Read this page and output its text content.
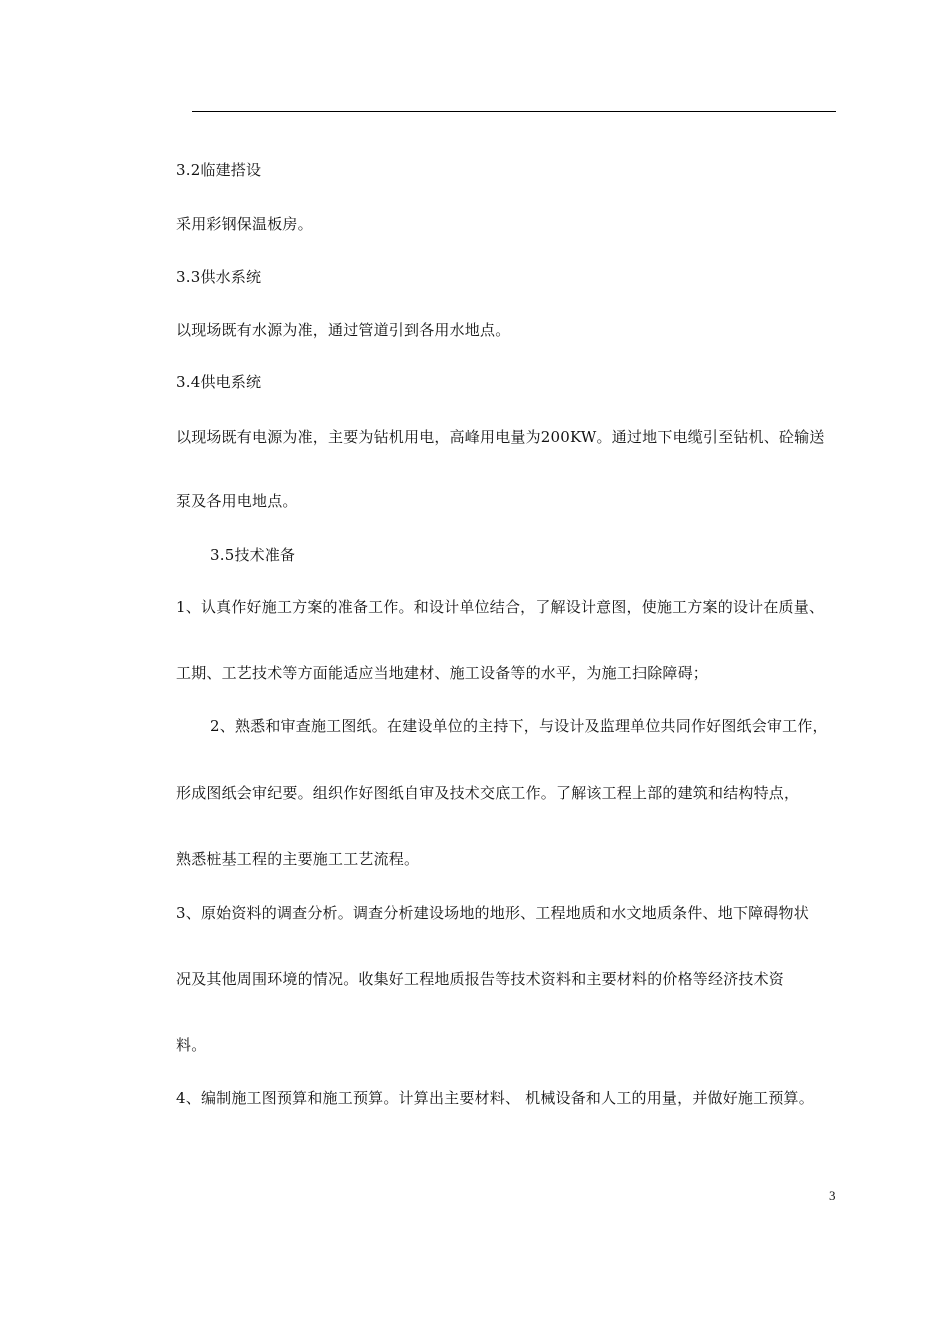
3.2临建搭设
采用彩钢保温板房。
3.3供水系统
以现场既有水源为准，通过管道引到各用水地点。
3.4供电系统
以现场既有电源为准，主要为钻机用电，高峰用电量为200KW。通过地下电缆引至钻机、砼输送
泵及各用电地点。
3.5技术准备
1、认真作好施工方案的准备工作。和设计单位结合，了解设计意图，使施工方案的设计在质量、
工期、工艺技术等方面能适应当地建材、施工设备等的水平，为施工扫除障碍；
2、熟悉和审查施工图纸。在建设单位的主持下，与设计及监理单位共同作好图纸会审工作，
形成图纸会审纪要。组织作好图纸自审及技术交底工作。了解该工程上部的建筑和结构特点，
熟悉桩基工程的主要施工工艺流程。
3、原始资料的调查分析。调查分析建设场地的地形、工程地质和水文地质条件、地下障碍物状
况及其他周围环境的情况。收集好工程地质报告等技术资料和主要材料的价格等经济技术资
料。
4、编制施工图预算和施工预算。计算出主要材料、 机械设备和人工的用量，并做好施工预算。
3
